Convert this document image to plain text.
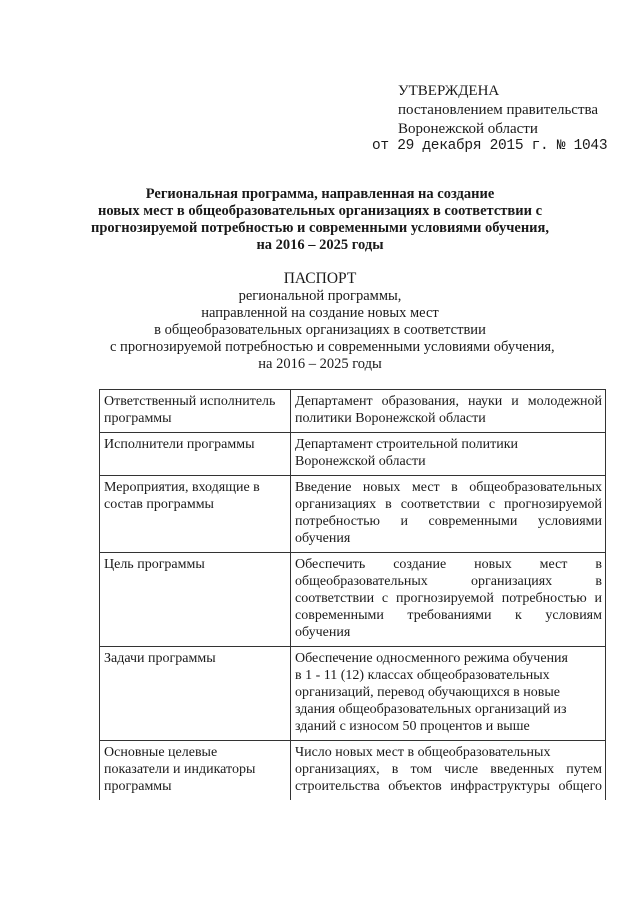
УТВЕРЖДЕНА
постановлением правительства
Воронежской области
от 29 декабря 2015 г. № 1043
Региональная программа, направленная на создание
новых мест в общеобразовательных организациях в соответствии с
прогнозируемой потребностью и современными условиями обучения,
на 2016 – 2025 годы
ПАСПОРТ
региональной программы,
направленной на создание новых мест
в общеобразовательных организациях в соответствии
с прогнозируемой потребностью и современными условиями обучения,
на 2016 – 2025 годы
Ответственный исполнитель
программы	Департамент образования, науки и молодежной
политики Воронежской области

Исполнители программы	Департамент строительной политики
Воронежской области

Мероприятия, входящие в
состав программы	Введение новых мест в общеобразовательных
организациях в соответствии с прогнозируемой
потребностью и современными условиями
обучения

Цель программы	Обеспечить создание новых мест в
общеобразовательных организациях в
соответствии с прогнозируемой потребностью и
современными требованиями к условиям
обучения

Задачи программы	Обеспечение односменного режима обучения
в 1 - 11 (12) классах общеобразовательных
организаций, перевод обучающихся в новые
здания общеобразовательных организаций из
зданий с износом 50 процентов и выше

Основные целевые
показатели и индикаторы
программы	Число новых мест в общеобразовательных
организациях, в том числе введенных путем
строительства объектов инфраструктуры общего
